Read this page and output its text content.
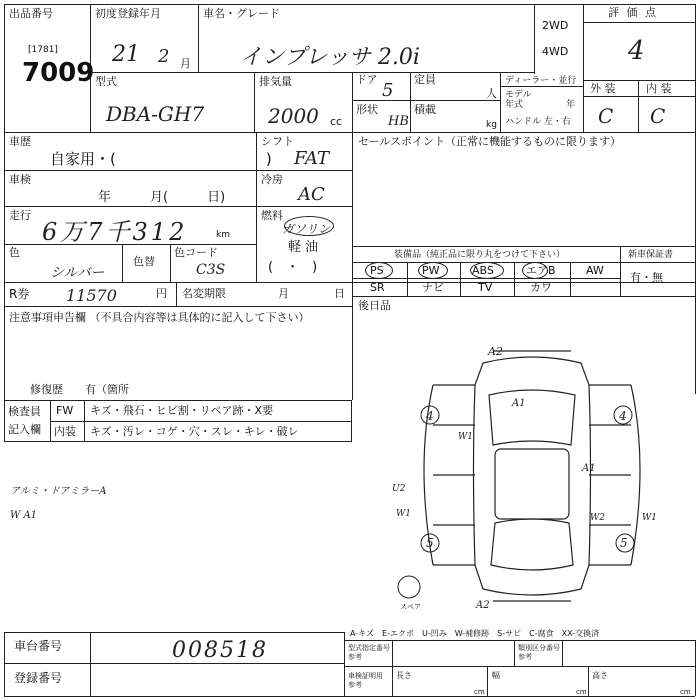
出品番号
[1781]
7009
初度登録年月
21 2 月
車名・グレード
インプレッサ 2.0i
2WD
4WD
評 価 点
4
型式
DBA-GH7
排気量
2000 cc
ドア
5
形状
HB
定員
人
積載
kg
ディーラー・並行
モデル
年式	年
ハンドル 左・右
外 装	内 装
C C
車歴
自家用・(　　　　　　　　　　)
シフト
FAT
車検
年　　　月(　　　日)
冷房
AC
走行
6万7千312	km
燃料
ガソリン
軽 油
(　・　)
色
シルバー
色替
色コード
C3S
R券 11570	円 名変期限	月	日
注意事項申告欄 （不具合内容等は具体的に記入して下さい）
修復歴　　有（箇所
セールスポイント（正常に機能するものに限ります）
装備品（純正品に限り丸をつけて下さい）	新車保証書
有・無
PS	PW	ABS	エアB	AW
SR	ナビ	TV	カワ
後日品
検査員
記入欄
FW キズ・飛石・ヒビ割・リペア跡・X要
内装 キズ・汚レ・コゲ・穴・スレ・キレ・破レ
アルミ・ドアミラーA
W A1
A2
A1
4	4
W1
A1
U2
W1	W2	W1
5	5
A2
スペア
A-キズ　E-エクボ　U-凹み　W-補修跡　S-サビ　C-腐食　XX-交換済
車台番号	008518
登録番号
型式指定番号
参考
類別区分番号
参考
車検証明用
参考
長さ
cm
幅
cm
高さ
cm
